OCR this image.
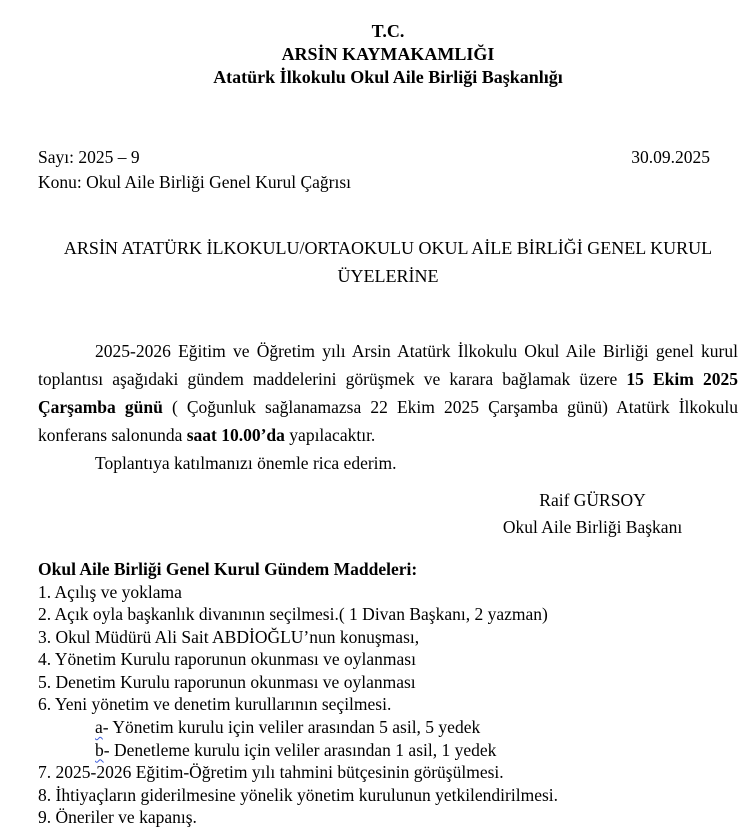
T.C.
ARSİN KAYMAKAMLIĞI
Atatürk İlkokulu Okul Aile Birliği Başkanlığı
Sayı: 2025 – 9	30.09.2025
Konu: Okul Aile Birliği Genel Kurul Çağrısı
ARSİN ATATÜRK İLKOKULU/ORTAOKULU OKUL AİLE BİRLİĞİ GENEL KURUL
ÜYELERİNE

2025-2026 Eğitim ve Öğretim yılı Arsin Atatürk İlkokulu Okul Aile Birliği genel kurul toplantısı aşağıdaki gündem maddelerini görüşmek ve karara bağlamak üzere 15 Ekim 2025 Çarşamba günü ( Çoğunluk sağlanamazsa 22 Ekim 2025 Çarşamba günü) Atatürk İlkokulu konferans salonunda saat 10.00’da yapılacaktır.

Toplantıya katılmanızı önemle rica ederim.

Raif GÜRSOY
Okul Aile Birliği Başkanı
Okul Aile Birliği Genel Kurul Gündem Maddeleri:
1. Açılış ve yoklama
2. Açık oyla başkanlık divanının seçilmesi.( 1 Divan Başkanı, 2 yazman)
3. Okul Müdürü Ali Sait ABDİOĞLU’nun konuşması,
4. Yönetim Kurulu raporunun okunması ve oylanması
5. Denetim Kurulu raporunun okunması ve oylanması
6. Yeni yönetim ve denetim kurullarının seçilmesi.
a- Yönetim kurulu için veliler arasından 5 asil, 5 yedek
b- Denetleme kurulu için veliler arasından 1 asil, 1 yedek
7. 2025-2026 Eğitim-Öğretim yılı tahmini bütçesinin görüşülmesi.
8. İhtiyaçların giderilmesine yönelik yönetim kurulunun yetkilendirilmesi.
9. Öneriler ve kapanış.
